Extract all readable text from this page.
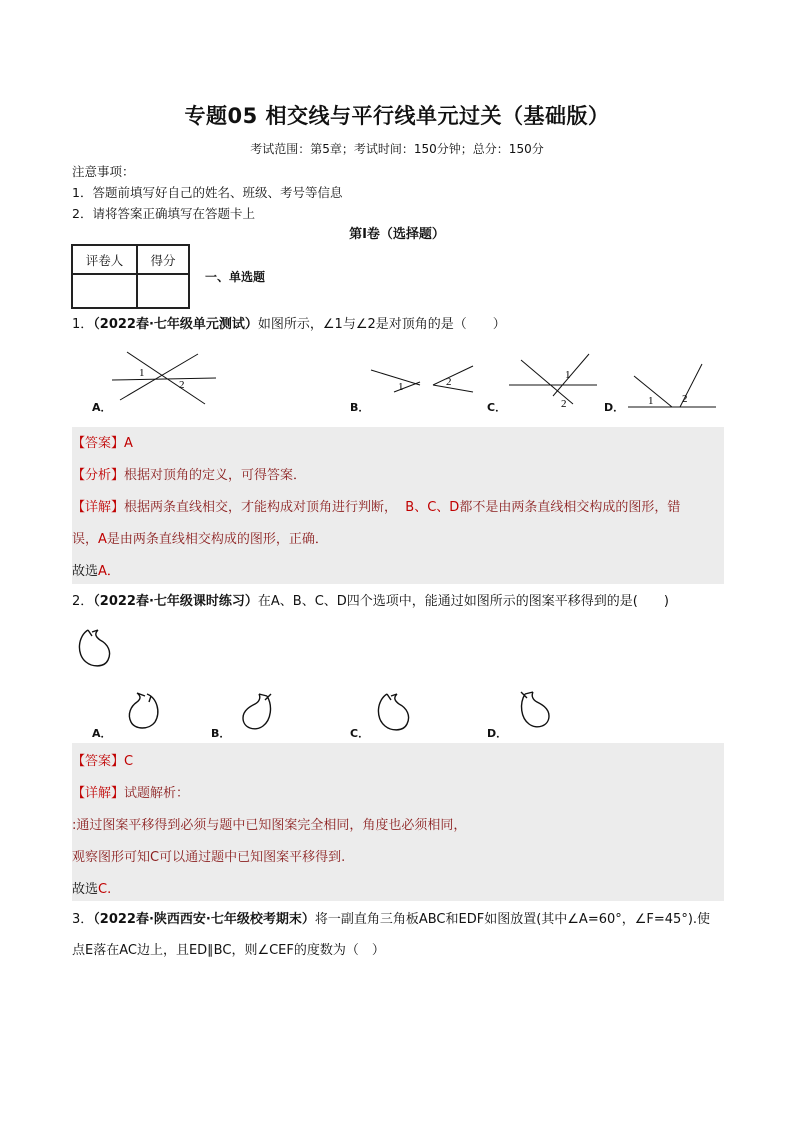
专题05 相交线与平行线单元过关（基础版）
考试范围：第5章；考试时间：150分钟；总分：150分
注意事项：
1．答题前填写好自己的姓名、班级、考号等信息
2．请将答案正确填写在答题卡上
第I卷（选择题）
评卷人	得分

一、单选题
1．（2022春·七年级单元测试）如图所示，∠1与∠2是对顶角的是（　　）
A．
1
2
B．
1	2
C．
1
2	D． 1	2
【答案】A
【分析】根据对顶角的定义，可得答案．
【详解】根据两条直线相交，才能构成对顶角进行判断， B、C、D都不是由两条直线相交构成的图形，错
误，A是由两条直线相交构成的图形，正确．
故选A．
2．（2022春·七年级课时练习）在A、B、C、D四个选项中，能通过如图所示的图案平移得到的是(　　)
A．	B．	C．	D．
【答案】C
【详解】试题解析：
:通过图案平移得到必须与题中已知图案完全相同，角度也必须相同，
观察图形可知C可以通过题中已知图案平移得到.
故选C.
3．（2022春·陕西西安·七年级校考期末）将一副直角三角板ABC和EDF如图放置(其中∠A=60°，∠F=45°).使
点E落在AC边上，且ED∥BC，则∠CEF的度数为（　）
